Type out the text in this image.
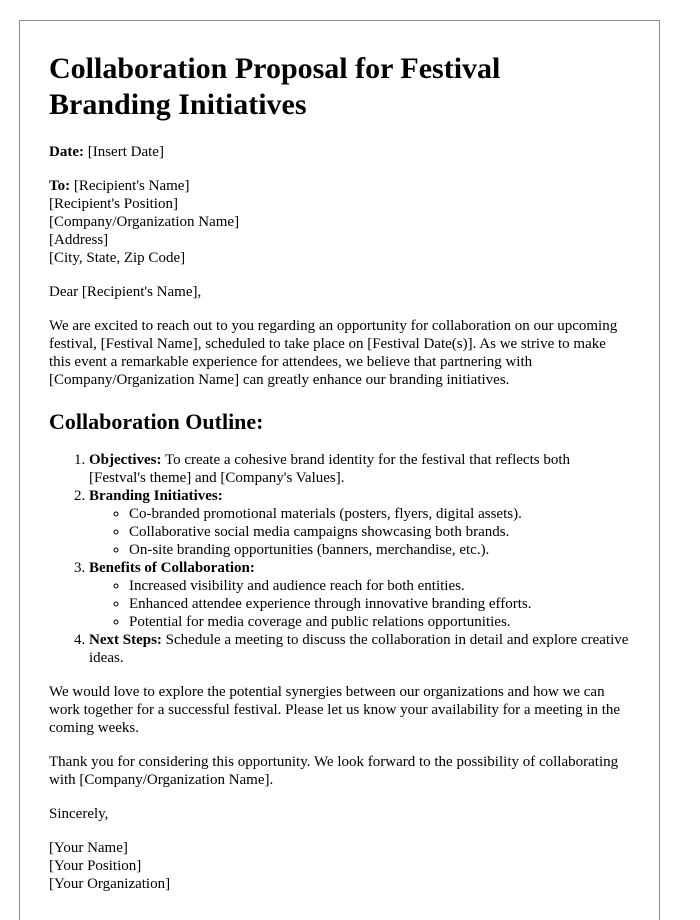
Collaboration Proposal for Festival Branding Initiatives

Date: [Insert Date]

To: [Recipient's Name]
[Recipient's Position]
[Company/Organization Name]
[Address]
[City, State, Zip Code]

Dear [Recipient's Name],

We are excited to reach out to you regarding an opportunity for collaboration on our upcoming festival, [Festival Name], scheduled to take place on [Festival Date(s)]. As we strive to make this event a remarkable experience for attendees, we believe that partnering with [Company/Organization Name] can greatly enhance our branding initiatives.

Collaboration Outline:
1. Objectives: To create a cohesive brand identity for the festival that reflects both [Festval's theme] and [Company's Values].
2. Branding Initiatives:
◦ Co-branded promotional materials (posters, flyers, digital assets).
◦ Collaborative social media campaigns showcasing both brands.
◦ On-site branding opportunities (banners, merchandise, etc.).
3. Benefits of Collaboration:
◦ Increased visibility and audience reach for both entities.
◦ Enhanced attendee experience through innovative branding efforts.
◦ Potential for media coverage and public relations opportunities.
4. Next Steps: Schedule a meeting to discuss the collaboration in detail and explore creative ideas.

We would love to explore the potential synergies between our organizations and how we can work together for a successful festival. Please let us know your availability for a meeting in the coming weeks.

Thank you for considering this opportunity. We look forward to the possibility of collaborating with [Company/Organization Name].

Sincerely,

[Your Name]
[Your Position]
[Your Organization]
